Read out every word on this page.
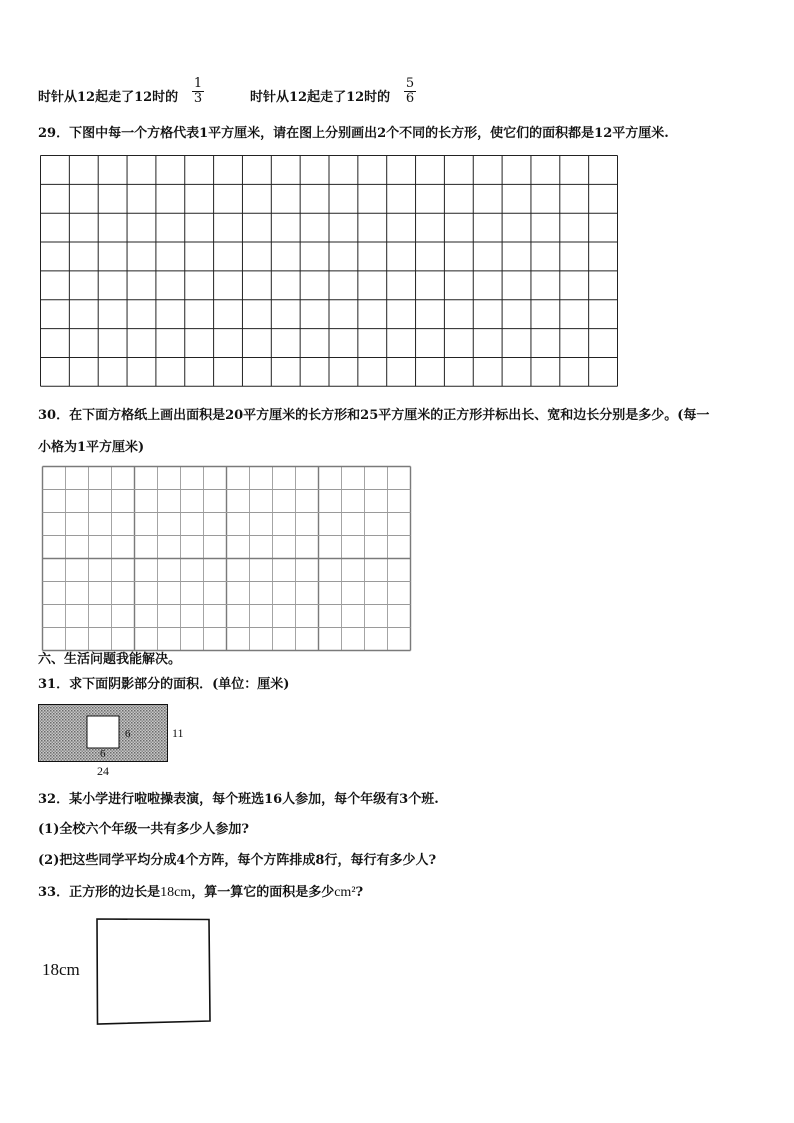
时针从12起走了12时的 $\frac{1}{3}$	时针从12起走了12时的 $\frac{5}{6}$
29．下图中每一个方格代表1平方厘米，请在图上分别画出2个不同的长方形，使它们的面积都是12平方厘米.
30．在下面方格纸上画出面积是20平方厘米的长方形和25平方厘米的正方形并标出长、宽和边长分别是多少。(每一
小格为1平方厘米)
六、生活问题我能解决。
31．求下面阴影部分的面积．(单位：厘米)
11
6
6
24
32．某小学进行啦啦操表演，每个班选16人参加，每个年级有3个班.
(1)全校六个年级一共有多少人参加?
(2)把这些同学平均分成4个方阵，每个方阵排成8行，每行有多少人?
33．正方形的边长是18cm，算一算它的面积是多少cm²?
18cm
